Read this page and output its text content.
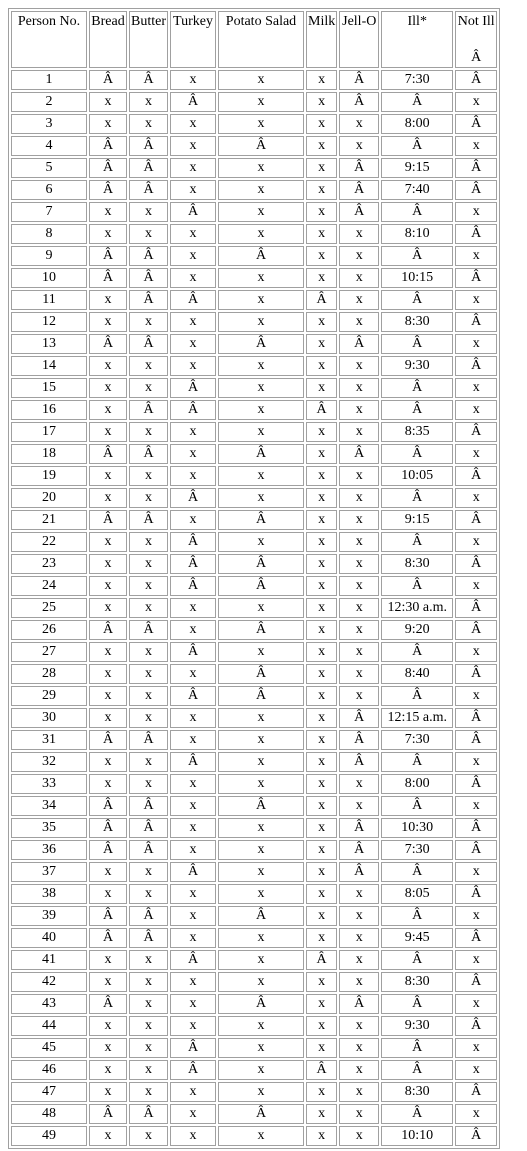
Person No.	Bread	Butter	Turkey	Potato Salad	Milk	Jell-O	Ill*	Not Ill
Â

1	Â	Â	x	x	x	Â	7:30	Â
2	x	x	Â	x	x	Â	Â	x
3	x	x	x	x	x	x	8:00	Â
4	Â	Â	x	Â	x	x	Â	x
5	Â	Â	x	x	x	Â	9:15	Â
6	Â	Â	x	x	x	Â	7:40	Â
7	x	x	Â	x	x	Â	Â	x
8	x	x	x	x	x	x	8:10	Â
9	Â	Â	x	Â	x	x	Â	x
10	Â	Â	x	x	x	x	10:15	Â
11	x	Â	Â	x	Â	x	Â	x
12	x	x	x	x	x	x	8:30	Â
13	Â	Â	x	Â	x	Â	Â	x
14	x	x	x	x	x	x	9:30	Â
15	x	x	Â	x	x	x	Â	x
16	x	Â	Â	x	Â	x	Â	x
17	x	x	x	x	x	x	8:35	Â
18	Â	Â	x	Â	x	Â	Â	x
19	x	x	x	x	x	x	10:05	Â
20	x	x	Â	x	x	x	Â	x
21	Â	Â	x	Â	x	x	9:15	Â
22	x	x	Â	x	x	x	Â	x
23	x	x	Â	Â	x	x	8:30	Â
24	x	x	Â	Â	x	x	Â	x
25	x	x	x	x	x	x	12:30 a.m.	Â
26	Â	Â	x	Â	x	x	9:20	Â
27	x	x	Â	x	x	x	Â	x
28	x	x	x	Â	x	x	8:40	Â
29	x	x	Â	Â	x	x	Â	x
30	x	x	x	x	x	Â	12:15 a.m.	Â
31	Â	Â	x	x	x	Â	7:30	Â
32	x	x	Â	x	x	Â	Â	x
33	x	x	x	x	x	x	8:00	Â
34	Â	Â	x	Â	x	x	Â	x
35	Â	Â	x	x	x	Â	10:30	Â
36	Â	Â	x	x	x	Â	7:30	Â
37	x	x	Â	x	x	Â	Â	x
38	x	x	x	x	x	x	8:05	Â
39	Â	Â	x	Â	x	x	Â	x
40	Â	Â	x	x	x	x	9:45	Â
41	x	x	Â	x	Â	x	Â	x
42	x	x	x	x	x	x	8:30	Â
43	Â	x	x	Â	x	Â	Â	x
44	x	x	x	x	x	x	9:30	Â
45	x	x	Â	x	x	x	Â	x
46	x	x	Â	x	Â	x	Â	x
47	x	x	x	x	x	x	8:30	Â
48	Â	Â	x	Â	x	x	Â	x
49	x	x	x	x	x	x	10:10	Â
